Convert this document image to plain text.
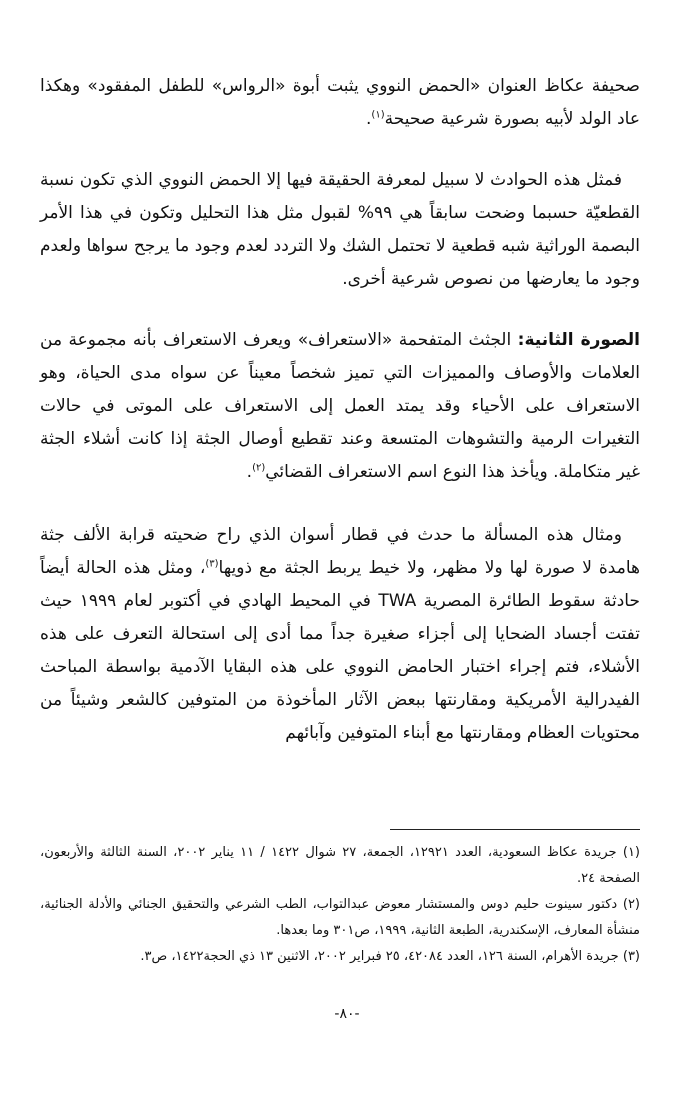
صحيفة عكاظ العنوان «الحمض النووي يثبت أبوة «الرواس» للطفل المفقود» وهكذا عاد الولد لأبيه بصورة شرعية صحيحة$^{(١)}$.

فمثل هذه الحوادث لا سبيل لمعرفة الحقيقة فيها إلا الحمض النووي الذي تكون نسبة القطعيّة حسبما وضحت سابقاً هي ٩٩% لقبول مثل هذا التحليل وتكون في هذا الأمر البصمة الوراثية شبه قطعية لا تحتمل الشك ولا التردد لعدم وجود ما يرجح سواها ولعدم وجود ما يعارضها من نصوص شرعية أخرى.

الصورة الثانية: الجثث المتفحمة «الاستعراف» ويعرف الاستعراف بأنه مجموعة من العلامات والأوصاف والمميزات التي تميز شخصاً معيناً عن سواه مدى الحياة، وهو الاستعراف على الأحياء وقد يمتد العمل إلى الاستعراف على الموتى في حالات التغيرات الرمية والتشوهات المتسعة وعند تقطيع أوصال الجثة إذا كانت أشلاء الجثة غير متكاملة. ويأخذ هذا النوع اسم الاستعراف القضائي$^{(٢)}$.

ومثال هذه المسألة ما حدث في قطار أسوان الذي راح ضحيته قرابة الألف جثة هامدة لا صورة لها ولا مظهر، ولا خيط يربط الجثة مع ذويها$^{(٣)}$، ومثل هذه الحالة أيضاً حادثة سقوط الطائرة المصرية TWA في المحيط الهادي في أكتوبر لعام ١٩٩٩ حيث تفتت أجساد الضحايا إلى أجزاء صغيرة جداً مما أدى إلى استحالة التعرف على هذه الأشلاء، فتم إجراء اختبار الحامض النووي على هذه البقايا الآدمية بواسطة المباحث الفيدرالية الأمريكية ومقارنتها ببعض الآثار المأخوذة من المتوفين كالشعر وشيئاً من محتويات العظام ومقارنتها مع أبناء المتوفين وآبائهم

(١) جريدة عكاظ السعودية، العدد ١٢٩٢١، الجمعة، ٢٧ شوال ١٤٢٢ / ١١ يناير ٢٠٠٢، السنة الثالثة والأربعون، الصفحة ٢٤.

(٢) دكتور سينوت حليم دوس والمستشار معوض عبدالتواب، الطب الشرعي والتحقيق الجنائي والأدلة الجنائية، منشأة المعارف، الإسكندرية، الطبعة الثانية، ١٩٩٩، ص٣٠١ وما بعدها.

(٣) جريدة الأهرام، السنة ١٢٦، العدد ٤٢٠٨٤، ٢٥ فبراير ٢٠٠٢، الاثنين ١٣ ذي الحجة١٤٢٢، ص٣.

-٨٠-
